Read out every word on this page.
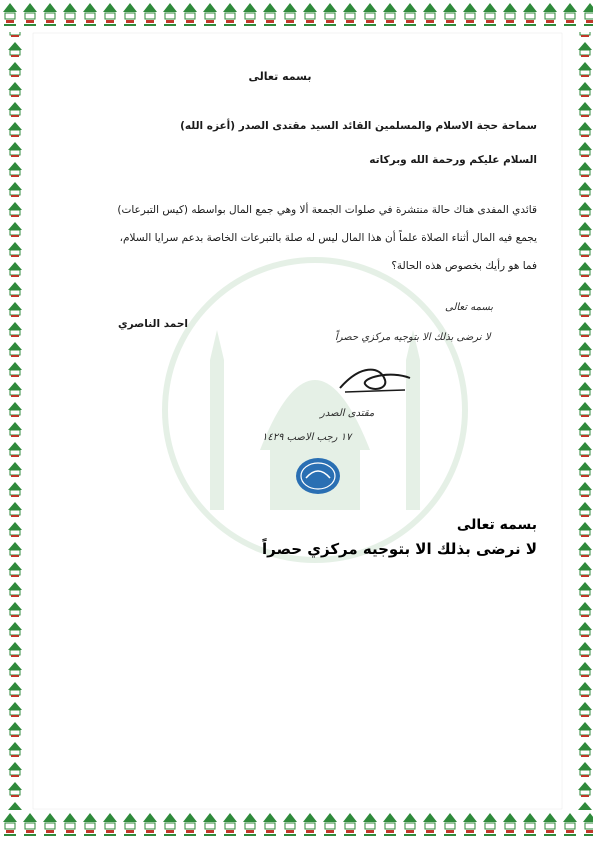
بسمه تعالى
سماحة حجة الاسلام والمسلمين القائد السيد مقتدى الصدر (أعزه الله)
السلام عليكم ورحمة الله وبركاته
قائدي المفدى هناك حالة منتشرة في صلوات الجمعة ألا وهي جمع المال بواسطه (كيس التبرعات)
يجمع فيه المال أثناء الصلاة علماً أن هذا المال ليس له صلة بالتبرعات الخاصة بدعم سرايا السلام،
فما هو رأيك بخصوص هذه الحالة؟
احمد الناصري
بسمه تعالى
لا نرضى بذلك الا بتوجيه مركزي حصراً
مقتدى الصدر
١٧ رجب الاصب ١٤٢٩
بسمه تعالى
لا نرضى بذلك الا بتوجيه مركزي حصراً
